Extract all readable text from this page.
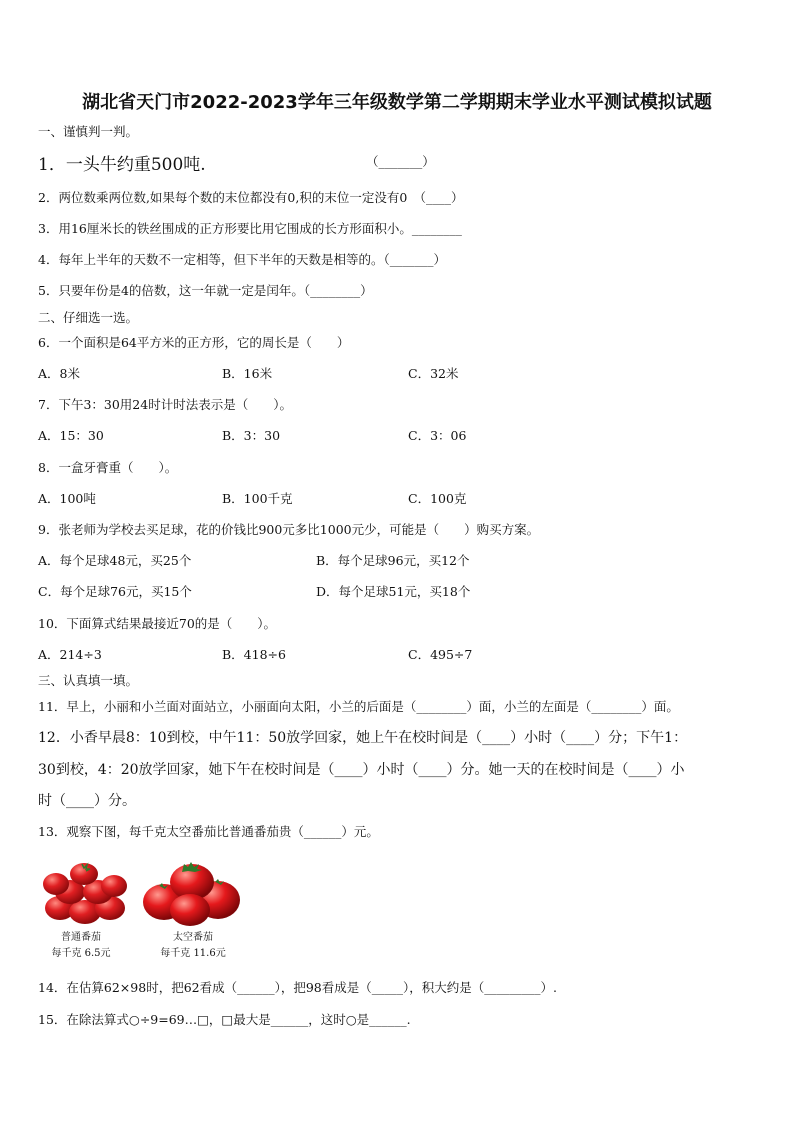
湖北省天门市2022-2023学年三年级数学第二学期期末学业水平测试模拟试题
一、谨慎判一判。
1．一头牛约重500吨.	（_______）
2．两位数乘两位数,如果每个数的末位都没有0,积的末位一定没有0　（____）
3．用16厘米长的铁丝围成的正方形要比用它围成的长方形面积小。________
4．每年上半年的天数不一定相等，但下半年的天数是相等的。（_______）
5．只要年份是4的倍数，这一年就一定是闰年。（________）
二、仔细选一选。
6．一个面积是64平方米的正方形，它的周长是（　　）
A．8米	B．16米	C．32米
7．下午3：30用24时计时法表示是（　　）。
A．15：30	B．3：30	C．3：06
8．一盒牙膏重（　　）。
A．100吨	B．100千克	C．100克
9．张老师为学校去买足球，花的价钱比900元多比1000元少，可能是（　　）购买方案。
A．每个足球48元，买25个	B．每个足球96元，买12个
C．每个足球76元，买15个	D．每个足球51元，买18个
10．下面算式结果最接近70的是（　　）。
A．214÷3	B．418÷6	C．495÷7
三、认真填一填。
11．早上，小丽和小兰面对面站立，小丽面向太阳，小兰的后面是（________）面，小兰的左面是（________）面。
12．小香早晨8：10到校，中午11：50放学回家，她上午在校时间是（____）小时（____）分；下午1：
30到校，4：20放学回家，她下午在校时间是（____）小时（____）分。她一天的在校时间是（____）小
时（____）分。
13．观察下图，每千克太空番茄比普通番茄贵（______）元。
普通番茄
每千克 6.5元
太空番茄
每千克 11.6元
14．在估算62×98时，把62看成（______），把98看成是（_____），积大约是（_________）.
15．在除法算式○÷9=69…□，□最大是______，这时○是______.
